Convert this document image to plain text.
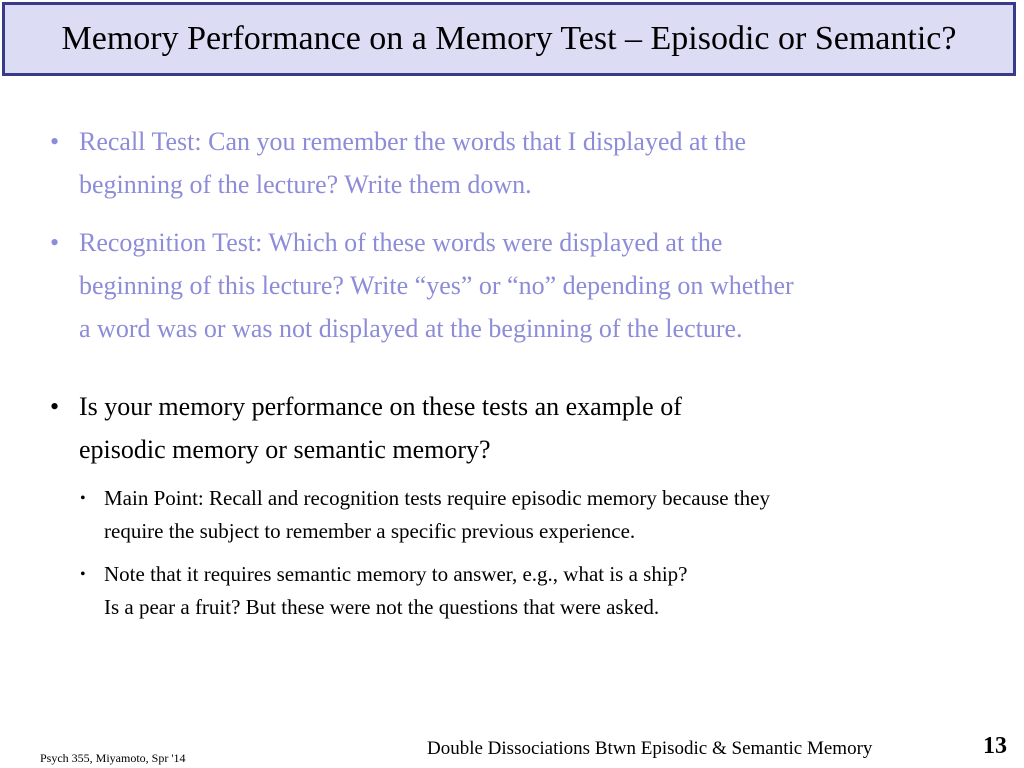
Memory Performance on a Memory Test – Episodic or Semantic?
• Recall Test: Can you remember the words that I displayed at the
beginning of the lecture? Write them down.
• Recognition Test: Which of these words were displayed at the
beginning of this lecture? Write “yes” or “no” depending on whether
a word was or was not displayed at the beginning of the lecture.
• Is your memory performance on these tests an example of
episodic memory or semantic memory?
• Main Point: Recall and recognition tests require episodic memory because they
require the subject to remember a specific previous experience.
• Note that it requires semantic memory to answer, e.g., what is a ship?
Is a pear a fruit? But these were not the questions that were asked.
Psych 355, Miyamoto, Spr '14	Double Dissociations Btwn Episodic & Semantic Memory	13
